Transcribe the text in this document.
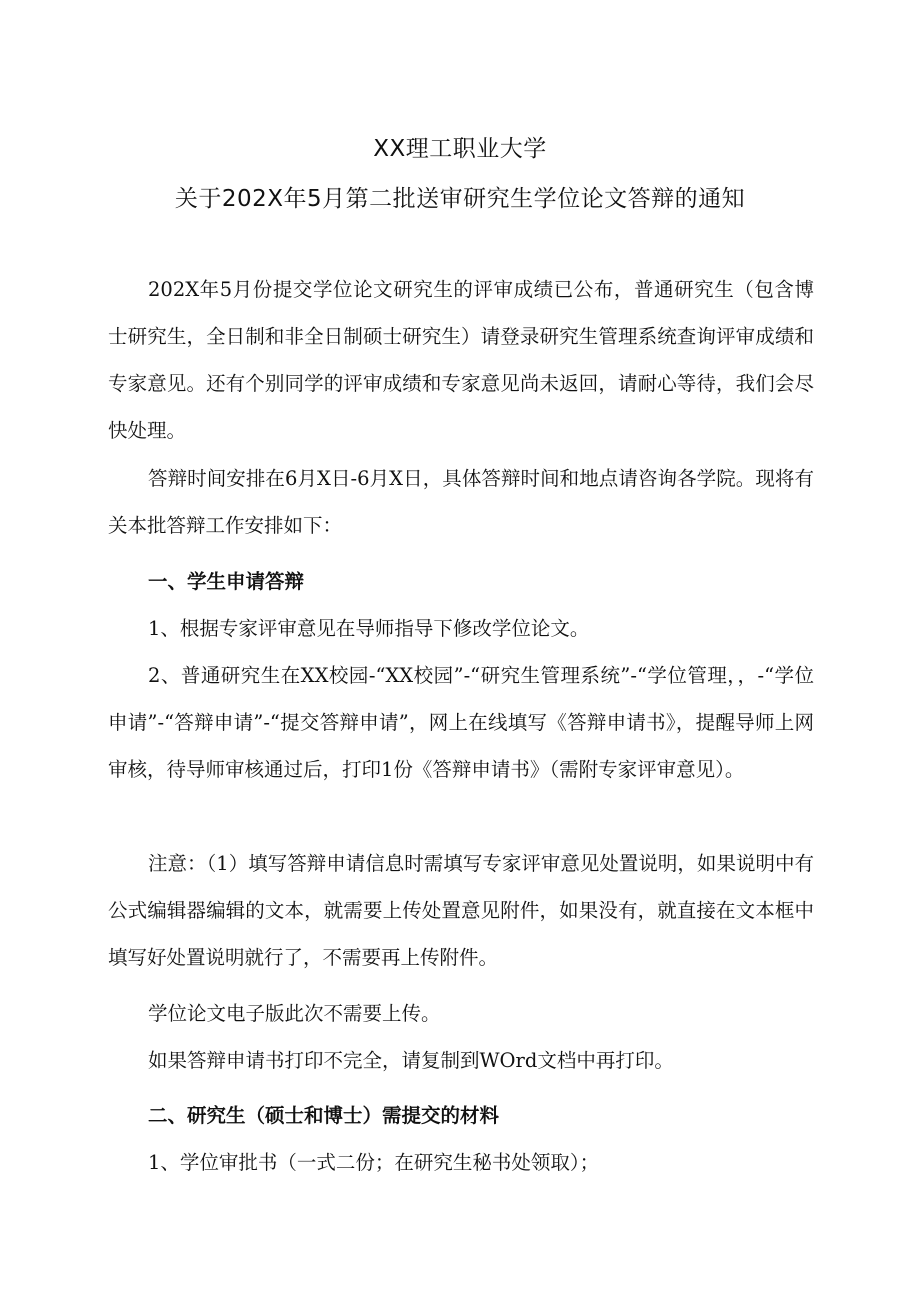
XX理工职业大学
关于202X年5月第二批送审研究生学位论文答辩的通知

202X年5月份提交学位论文研究生的评审成绩已公布，普通研究生（包含博士研究生，全日制和非全日制硕士研究生）请登录研究生管理系统查询评审成绩和专家意见。还有个别同学的评审成绩和专家意见尚未返回，请耐心等待，我们会尽快处理。

答辩时间安排在6月X日-6月X日，具体答辩时间和地点请咨询各学院。现将有关本批答辩工作安排如下：

一、学生申请答辩

1、根据专家评审意见在导师指导下修改学位论文。

2、普通研究生在XX校园-“XX校园”-“研究生管理系统”-“学位管理，，-“学位申请”-“答辩申请”-“提交答辩申请”，网上在线填写《答辩申请书》，提醒导师上网审核，待导师审核通过后，打印1份《答辩申请书》（需附专家评审意见）。

注意：（1）填写答辩申请信息时需填写专家评审意见处置说明，如果说明中有公式编辑器编辑的文本，就需要上传处置意见附件，如果没有，就直接在文本框中填写好处置说明就行了，不需要再上传附件。

学位论文电子版此次不需要上传。

如果答辩申请书打印不完全，请复制到WOrd文档中再打印。

二、研究生（硕士和博士）需提交的材料

1、学位审批书（一式二份；在研究生秘书处领取）；
